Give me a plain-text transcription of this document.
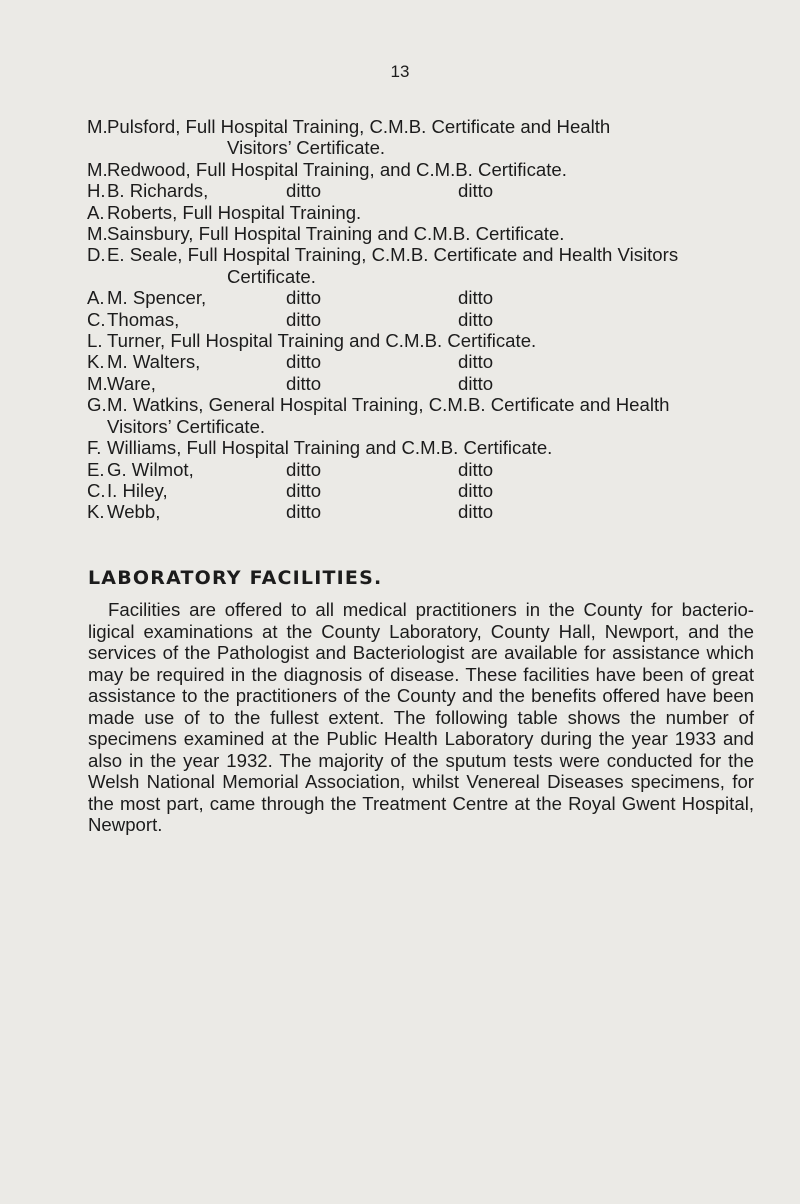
13
M.Pulsford, Full Hospital Training, C.M.B. Certificate and Health
Visitors’ Certificate.
M.Redwood, Full Hospital Training, and C.M.B. Certificate.
H.B. Richards,	ditto	ditto
A. Roberts, Full Hospital Training.
M.Sainsbury, Full Hospital Training and C.M.B. Certificate.
D.E. Seale, Full Hospital Training, C.M.B. Certificate and Health Visitors
Certificate.
A. M. Spencer,	ditto	ditto
C.Thomas,	ditto	ditto
L. Turner, Full Hospital Training and C.M.B. Certificate.
K. M. Walters,	ditto	ditto
M.Ware,	ditto	ditto
G.M. Watkins, General Hospital Training, C.M.B. Certificate and Health
Visitors’ Certificate.
F. Williams, Full Hospital Training and C.M.B. Certificate.
E. G. Wilmot,	ditto	ditto
C.I. Hiley,	ditto	ditto
K. Webb,	ditto	ditto
LABORATORY FACILITIES.

Facilities are offered to all medical practitioners in the County for bacterio-ligical examinations at the County Laboratory, County Hall, Newport, and the services of the Pathologist and Bacteriologist are available for assistance which may be required in the diagnosis of disease. These facilities have been of great assistance to the practitioners of the County and the benefits offered have been made use of to the fullest extent. The following table shows the number of specimens examined at the Public Health Laboratory during the year 1933 and also in the year 1932. The majority of the sputum tests were conducted for the Welsh National Memorial Association, whilst Venereal Diseases specimens, for the most part, came through the Treatment Centre at the Royal Gwent Hospital, Newport.
